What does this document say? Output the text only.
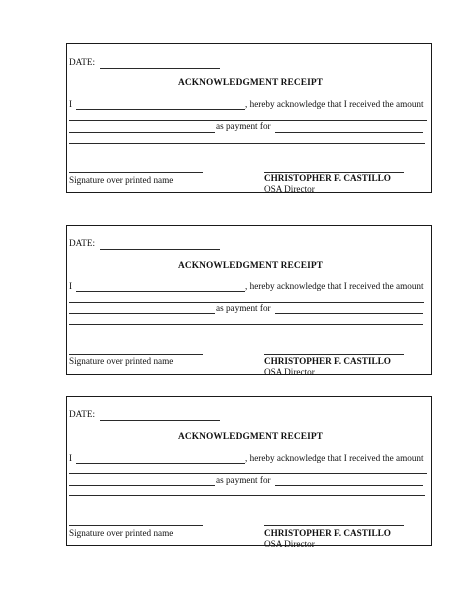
DATE:
ACKNOWLEDGMENT RECEIPT
I	, hereby acknowledge that I received the amount
as payment for
Signature over printed name	CHRISTOPHER F. CASTILLO
OSA Director
DATE:
ACKNOWLEDGMENT RECEIPT
I	, hereby acknowledge that I received the amount
as payment for
Signature over printed name	CHRISTOPHER F. CASTILLO
OSA Director
DATE:
ACKNOWLEDGMENT RECEIPT
I	, hereby acknowledge that I received the amount
as payment for
Signature over printed name	CHRISTOPHER F. CASTILLO
OSA Director
